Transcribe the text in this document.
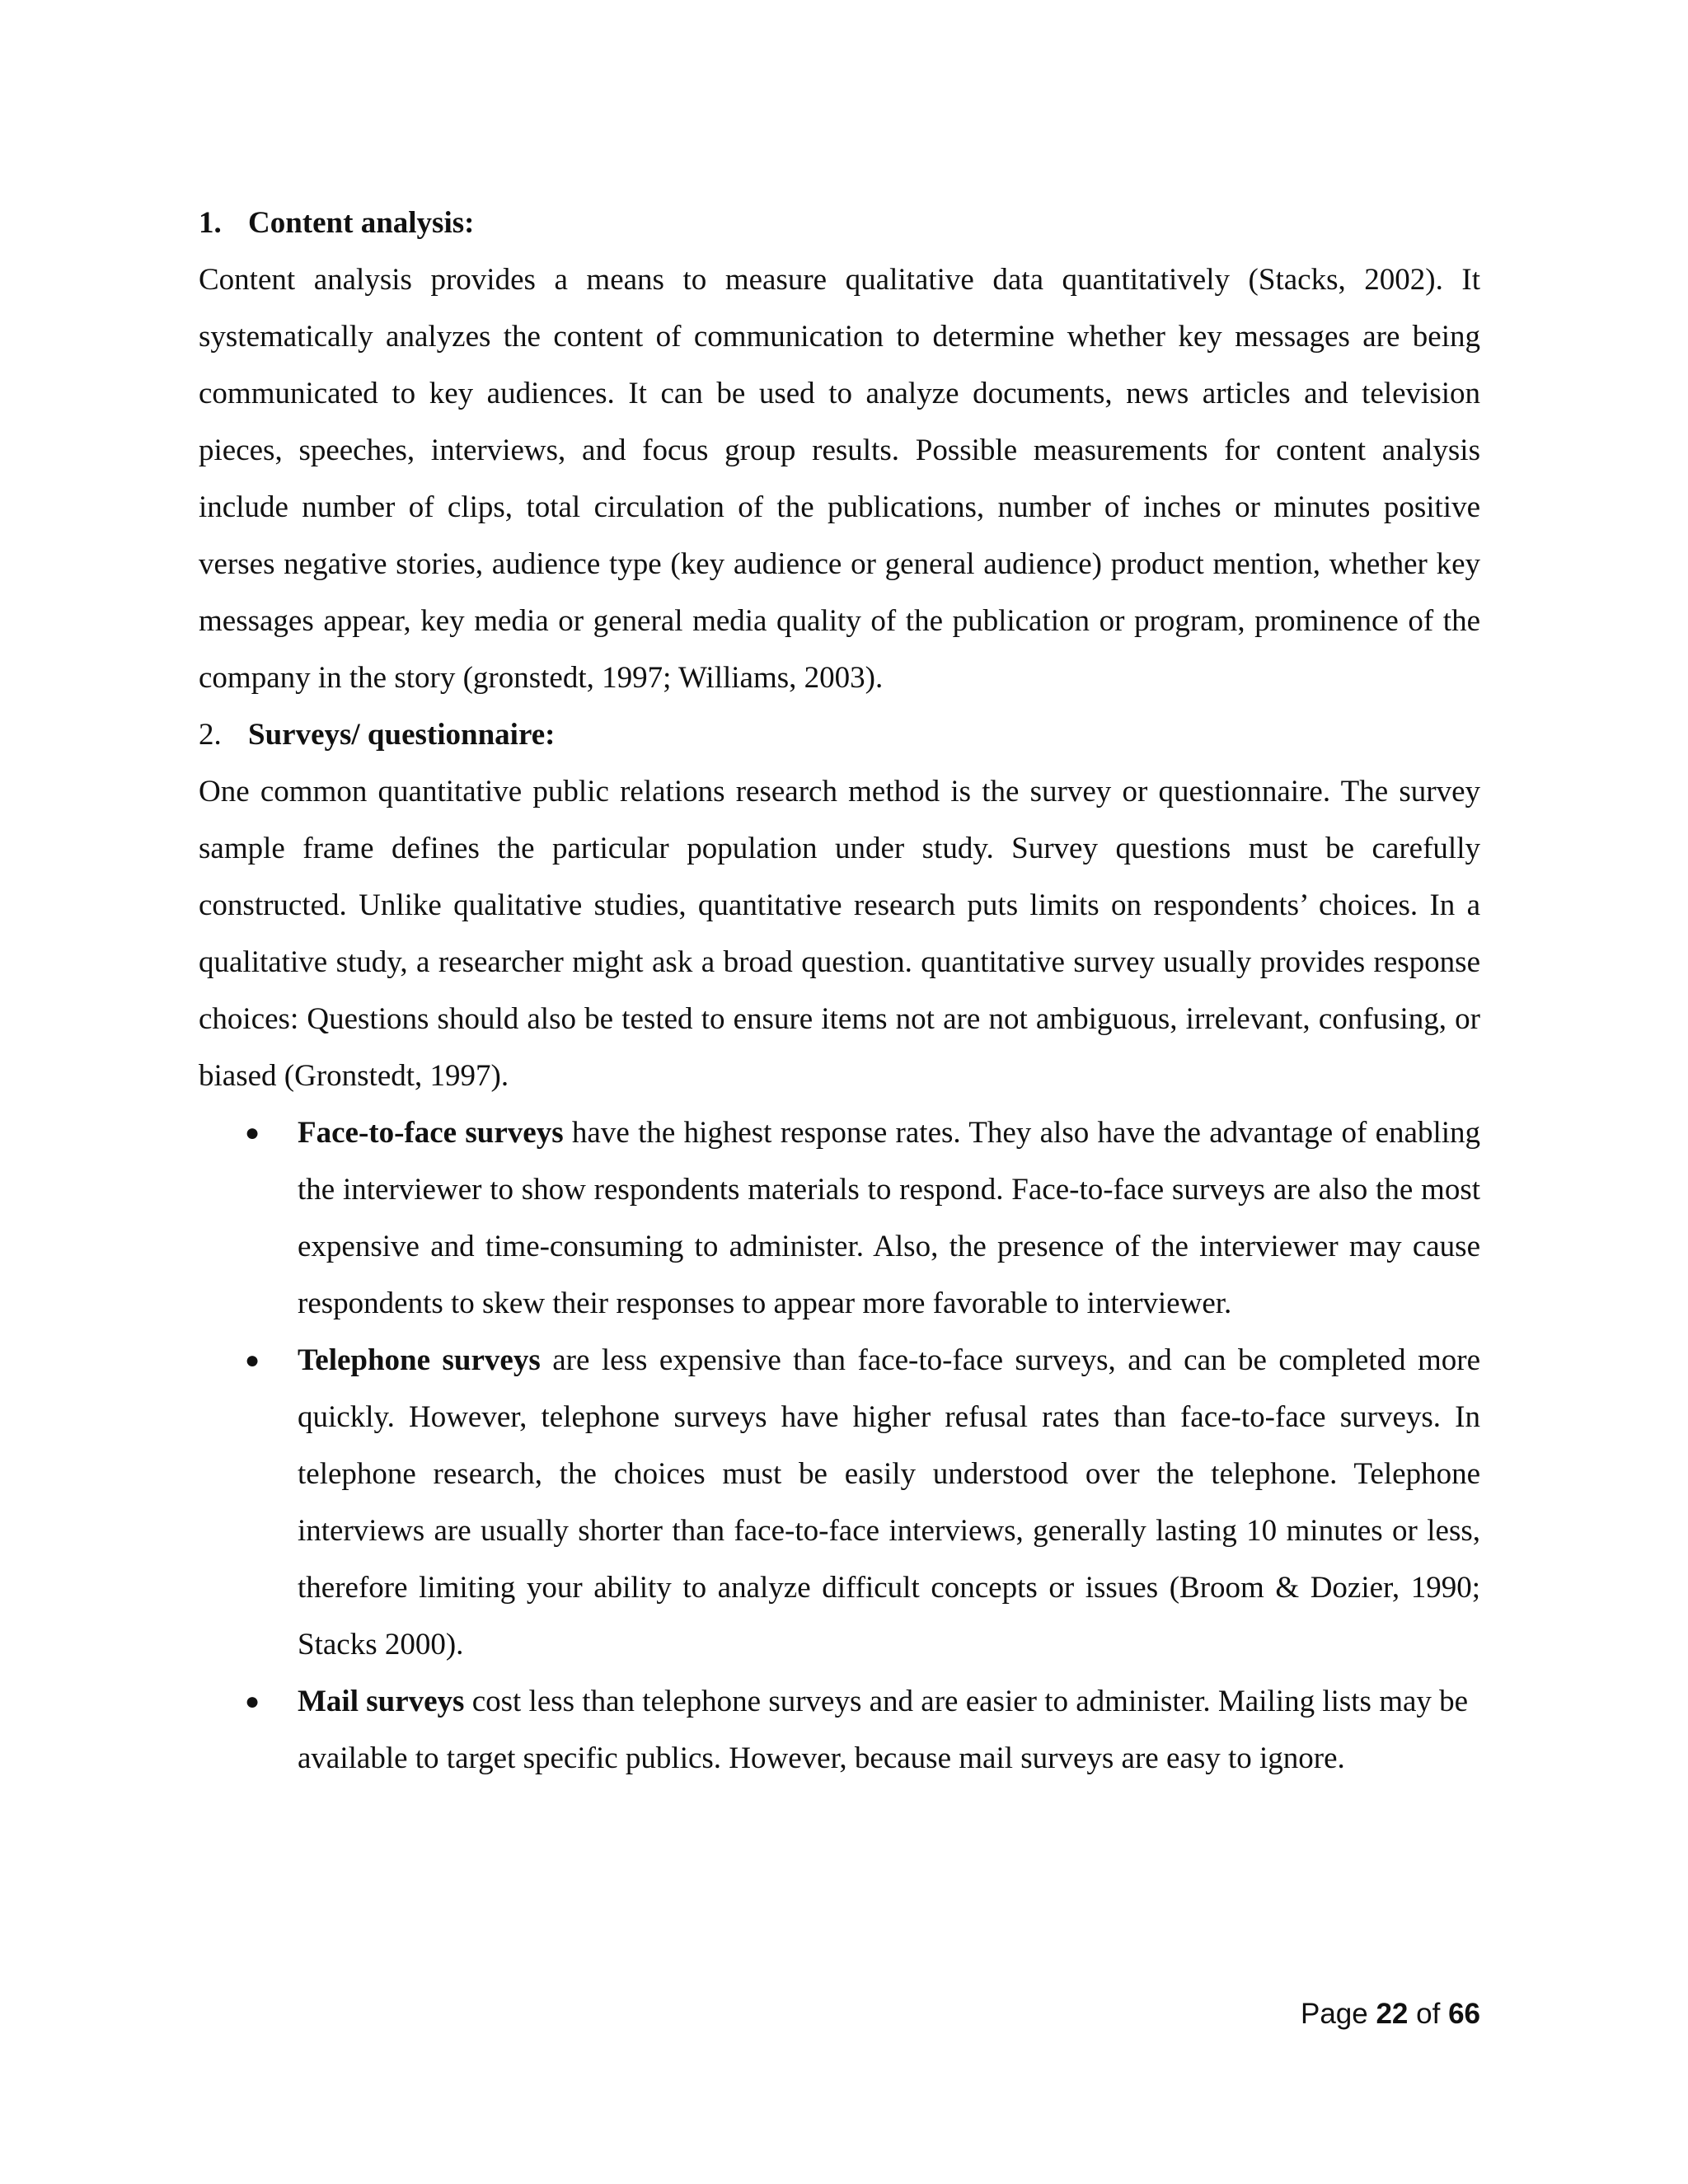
1. Content analysis:

Content analysis provides a means to measure qualitative data quantitatively (Stacks, 2002). It systematically analyzes the content of communication to determine whether key messages are being communicated to key audiences. It can be used to analyze documents, news articles and television pieces, speeches, interviews, and focus group results. Possible measurements for content analysis include number of clips, total circulation of the publications, number of inches or minutes positive verses negative stories, audience type (key audience or general audience) product mention, whether key messages appear, key media or general media quality of the publication or program, prominence of the company in the story (gronstedt, 1997; Williams, 2003).

2. Surveys/ questionnaire:

One common quantitative public relations research method is the survey or questionnaire. The survey sample frame defines the particular population under study. Survey questions must be carefully constructed. Unlike qualitative studies, quantitative research puts limits on respondents’ choices. In a qualitative study, a researcher might ask a broad question. quantitative survey usually provides response choices: Questions should also be tested to ensure items not are not ambiguous, irrelevant, confusing, or biased (Gronstedt, 1997).

● Face-to-face surveys have the highest response rates. They also have the advantage of enabling the interviewer to show respondents materials to respond. Face-to-face surveys are also the most expensive and time-consuming to administer. Also, the presence of the interviewer may cause respondents to skew their responses to appear more favorable to interviewer.
● Telephone surveys are less expensive than face-to-face surveys, and can be completed more quickly. However, telephone surveys have higher refusal rates than face-to-face surveys. In telephone research, the choices must be easily understood over the telephone. Telephone interviews are usually shorter than face-to-face interviews, generally lasting 10 minutes or less, therefore limiting your ability to analyze difficult concepts or issues (Broom & Dozier, 1990; Stacks 2000).
● Mail surveys cost less than telephone surveys and are easier to administer. Mailing lists may be available to target specific publics. However, because mail surveys are easy to ignore.
Page 22 of 66
